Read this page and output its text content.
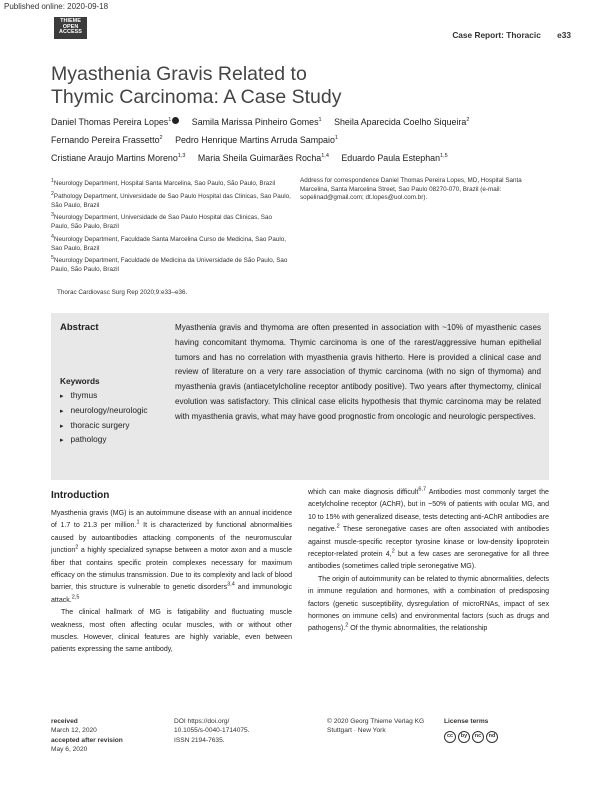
Published online: 2020-09-18
THIEME
OPEN
ACCESS	Case Report: Thoracic e33
Myasthenia Gravis Related to Thymic Carcinoma: A Case Study
Daniel Thomas Pereira Lopes$^1$ Samila Marissa Pinheiro Gomes$^1$ Sheila Aparecida Coelho Siqueira$^2$
Fernando Pereira Frassetto$^2$ Pedro Henrique Martins Arruda Sampaio$^1$
Cristiane Araujo Martins Moreno$^{1,3}$ Maria Sheila Guimarães Rocha$^{1,4}$ Eduardo Paula Estephan$^{1,5}$
$^1$Neurology Department, Hospital Santa Marcelina, Sao Paulo, São Paulo, Brazil
$^2$Pathology Department, Universidade de Sao Paulo Hospital das Clinicas, Sao Paulo, São Paulo, Brazil
$^3$Neurology Department, Universidade de Sao Paulo Hospital das Clinicas, Sao Paulo, São Paulo, Brazil
$^4$Neurology Department, Faculdade Santa Marcelina Curso de Medicina, Sao Paulo, Sao Paulo, Brazil
$^5$Neurology Department, Faculdade de Medicina da Universidade de São Paulo, Sao Paulo, São Paulo, Brazil
Address for correspondence Daniel Thomas Pereira Lopes, MD, Hospital Santa Marcelina, Santa Marcelina Street, Sao Paulo 08270-070, Brazil (e-mail: sopelinad@gmail.com; dt.lopes@uol.com.br).
Thorac Cardiovasc Surg Rep 2020;9:e33–e36.
Abstract	Myasthenia gravis and thymoma are often presented in association with ~10% of myasthenic cases having concomitant thymoma. Thymic carcinoma is one of the rarest/aggressive human epithelial tumors and has no correlation with myasthenia gravis hitherto. Here is provided a clinical case and review of literature on a very rare association of thymic carcinoma (with no sign of thymoma) and myasthenia gravis (antiacetylcholine receptor antibody positive). Two years after thymectomy, clinical evolution was satisfactory. This clinical case elicits hypothesis that thymic carcinoma may be related with myasthenia gravis, what may have good prognostic from oncologic and neurologic perspectives.
Keywords
▸ thymus
▸ neurology/neurologic
▸ thoracic surgery
▸ pathology
Introduction

Myasthenia gravis (MG) is an autoimmune disease with an annual incidence of 1.7 to 21.3 per million.$^1$ It is characterized by functional abnormalities caused by autoantibodies attacking components of the neuromuscular junction$^2$ a highly specialized synapse between a motor axon and a muscle fiber that contains specific protein complexes necessary for maximum efficacy on the stimulus transmission. Due to its complexity and lack of blood barrier, this structure is vulnerable to genetic disorders$^{3,4}$ and immunologic attack.$^{2,5}$

The clinical hallmark of MG is fatigability and fluctuating muscle weakness, most often affecting ocular muscles, with or without other muscles. However, clinical features are highly variable, even between patients expressing the same antibody,

which can make diagnosis difficult$^{6,7}$ Antibodies most commonly target the acetylcholine receptor (AChR), but in ~50% of patients with ocular MG, and 10 to 15% with generalized disease, tests detecting anti-AChR antibodies are negative.$^2$ These seronegative cases are often associated with antibodies against muscle-specific receptor tyrosine kinase or low-density lipoprotein receptor-related protein 4,$^2$ but a few cases are seronegative for all three antibodies (sometimes called triple seronegative MG).

The origin of autoimmunity can be related to thymic abnormalities, defects in immune regulation and hormones, with a combination of predisposing factors (genetic susceptibility, dysregulation of microRNAs, impact of sex hormones on immune cells) and environmental factors (such as drugs and pathogens).$^2$ Of the thymic abnormalities, the relationship

received
March 12, 2020
accepted after revision
May 6, 2020
DOI https://doi.org/
10.1055/s-0040-1714075.
ISSN 2194-7635.
© 2020 Georg Thieme Verlag KG
Stuttgart · New York
License terms
cc	by	nc	nd
